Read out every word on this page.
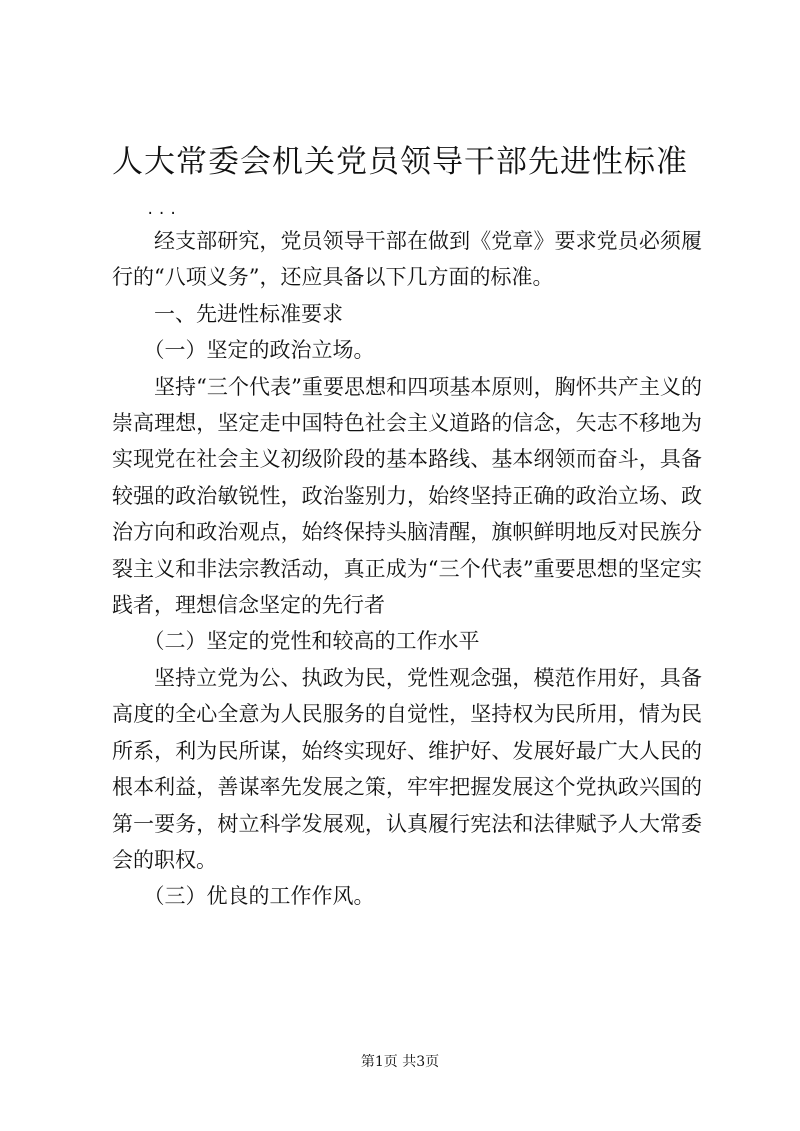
人大常委会机关党员领导干部先进性标准
...

经支部研究，党员领导干部在做到《党章》要求党员必须履行的“八项义务”，还应具备以下几方面的标准。

一、先进性标准要求

（一）坚定的政治立场。

坚持“三个代表”重要思想和四项基本原则，胸怀共产主义的崇高理想，坚定走中国特色社会主义道路的信念，矢志不移地为实现党在社会主义初级阶段的基本路线、基本纲领而奋斗，具备较强的政治敏锐性，政治鉴别力，始终坚持正确的政治立场、政治方向和政治观点，始终保持头脑清醒，旗帜鲜明地反对民族分裂主义和非法宗教活动，真正成为“三个代表”重要思想的坚定实践者，理想信念坚定的先行者

（二）坚定的党性和较高的工作水平

坚持立党为公、执政为民，党性观念强，模范作用好，具备高度的全心全意为人民服务的自觉性，坚持权为民所用，情为民所系，利为民所谋，始终实现好、维护好、发展好最广大人民的根本利益，善谋率先发展之策，牢牢把握发展这个党执政兴国的第一要务，树立科学发展观，认真履行宪法和法律赋予人大常委会的职权。

（三）优良的工作作风。

第1页 共3页
